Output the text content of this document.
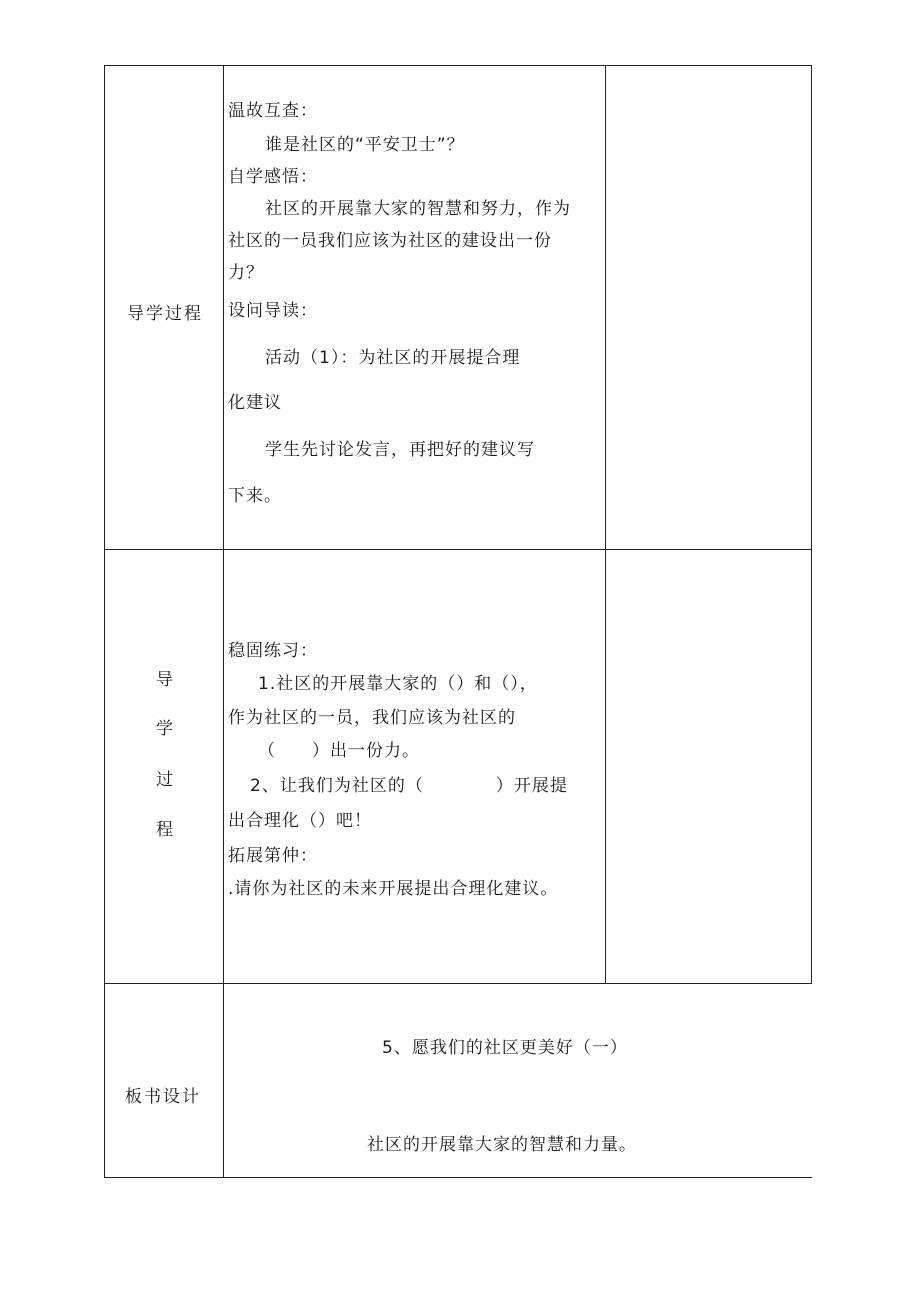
导学过程
温故互查：
谁是社区的“平安卫士”？
自学感悟：
社区的开展靠大家的智慧和努力，作为
社区的一员我们应该为社区的建设出一份
力？
设问导读：
活动（1）：为社区的开展提合理
化建议
学生先讨论发言，再把好的建议写
下来。
导
学
过
程
稳固练习：
1.社区的开展靠大家的（）和（），
作为社区的一员，我们应该为社区的
（　　）出一份力。
2、让我们为社区的（　　　　）开展提
出合理化（）吧！
拓展第仲：
.请你为社区的未来开展提出合理化建议。
板书设计
5、愿我们的社区更美好（一）
社区的开展靠大家的智慧和力量。
